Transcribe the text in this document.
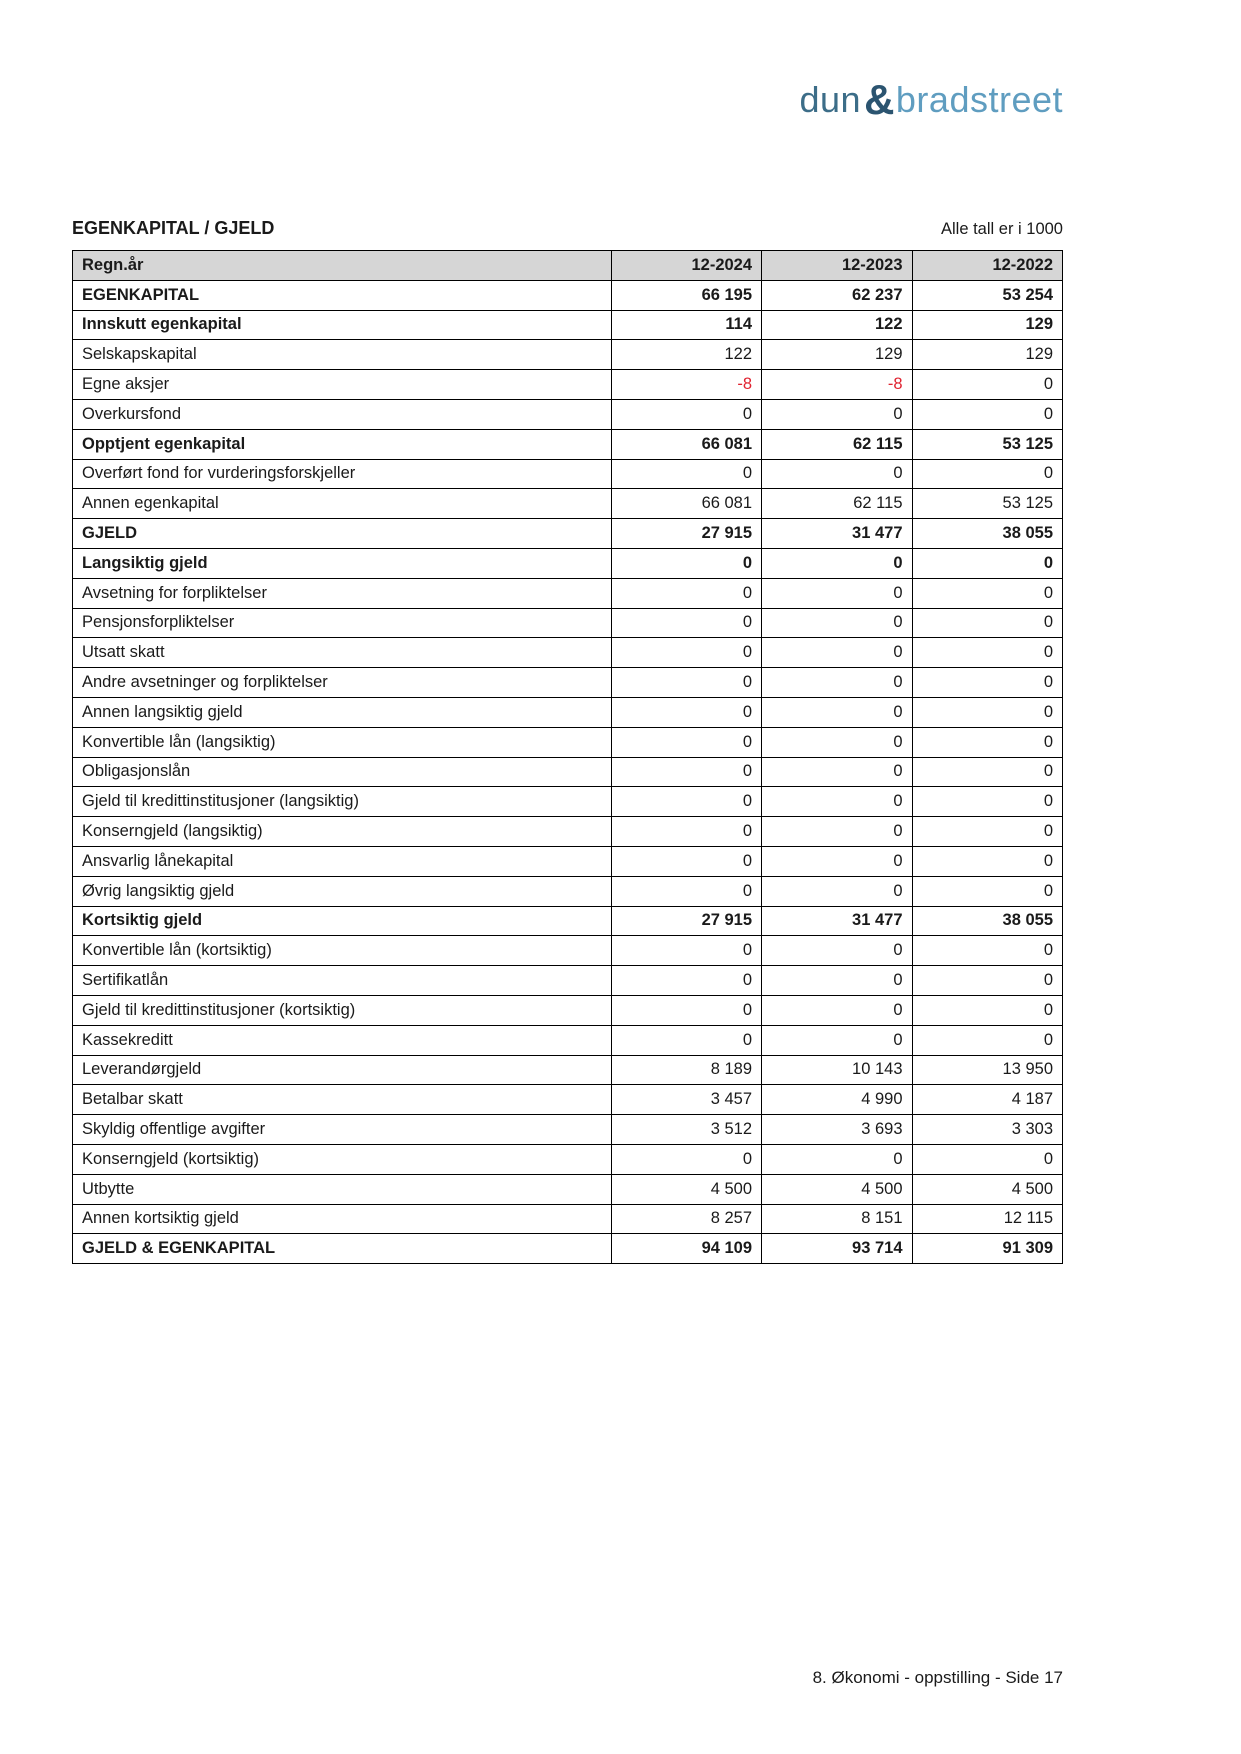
dun&bradstreet
EGENKAPITAL / GJELD	Alle tall er i 1000
Regn.år	12-2024	12-2023	12-2022
EGENKAPITAL	66 195	62 237	53 254
Innskutt egenkapital	114	122	129
Selskapskapital	122	129	129
Egne aksjer	-8	-8	0
Overkursfond	0	0	0
Opptjent egenkapital	66 081	62 115	53 125
Overført fond for vurderingsforskjeller	0	0	0
Annen egenkapital	66 081	62 115	53 125
GJELD	27 915	31 477	38 055
Langsiktig gjeld	0	0	0
Avsetning for forpliktelser	0	0	0
Pensjonsforpliktelser	0	0	0
Utsatt skatt	0	0	0
Andre avsetninger og forpliktelser	0	0	0
Annen langsiktig gjeld	0	0	0
Konvertible lån (langsiktig)	0	0	0
Obligasjonslån	0	0	0
Gjeld til kredittinstitusjoner (langsiktig)	0	0	0
Konserngjeld (langsiktig)	0	0	0
Ansvarlig lånekapital	0	0	0
Øvrig langsiktig gjeld	0	0	0
Kortsiktig gjeld	27 915	31 477	38 055
Konvertible lån (kortsiktig)	0	0	0
Sertifikatlån	0	0	0
Gjeld til kredittinstitusjoner (kortsiktig)	0	0	0
Kassekreditt	0	0	0
Leverandørgjeld	8 189	10 143	13 950
Betalbar skatt	3 457	4 990	4 187
Skyldig offentlige avgifter	3 512	3 693	3 303
Konserngjeld (kortsiktig)	0	0	0
Utbytte	4 500	4 500	4 500
Annen kortsiktig gjeld	8 257	8 151	12 115
GJELD & EGENKAPITAL	94 109	93 714	91 309
8. Økonomi - oppstilling - Side 17
